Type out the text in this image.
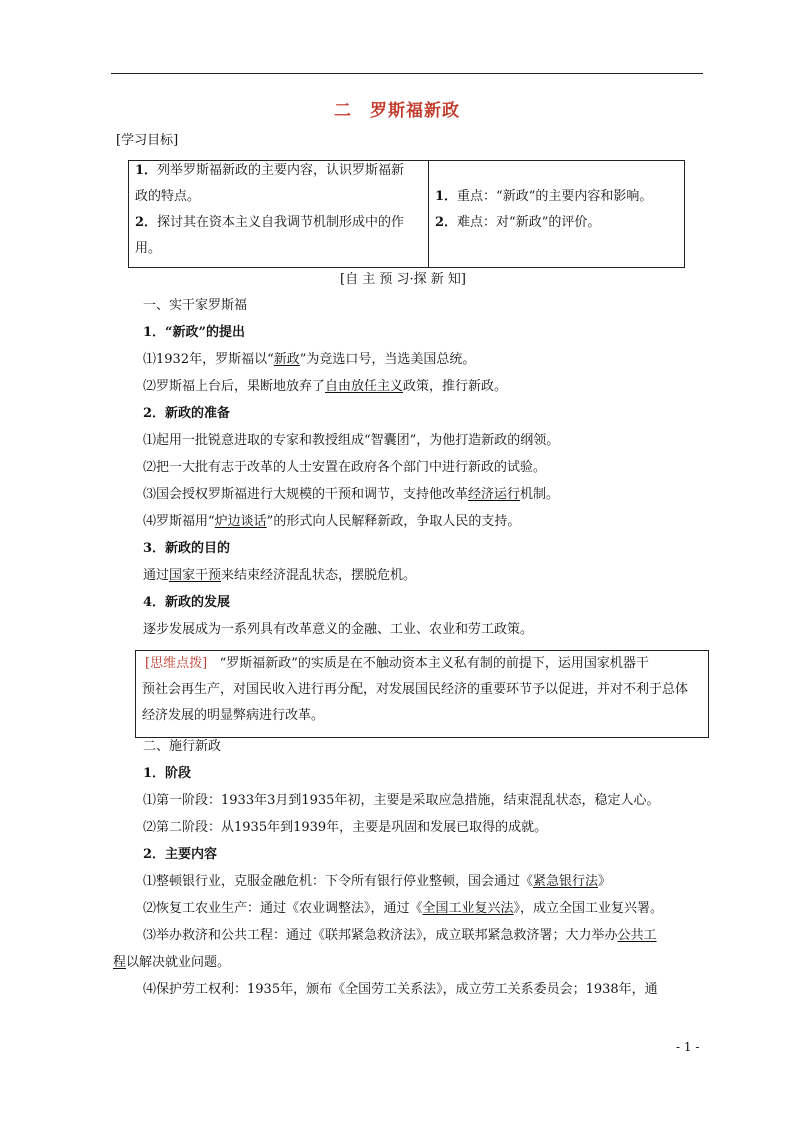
二　罗斯福新政
[学习目标]
1．列举罗斯福新政的主要内容，认识罗斯福新
政的特点。
2．探讨其在资本主义自我调节机制形成中的作
用。
1．重点：“新政”的主要内容和影响。
2．难点：对“新政”的评价。
[自 主 预 习·探 新 知]
一、实干家罗斯福
1．“新政”的提出
⑴1932年，罗斯福以“新政”为竞选口号，当选美国总统。
⑵罗斯福上台后，果断地放弃了自由放任主义政策，推行新政。
2．新政的准备
⑴起用一批锐意进取的专家和教授组成“智囊团”，为他打造新政的纲领。
⑵把一大批有志于改革的人士安置在政府各个部门中进行新政的试验。
⑶国会授权罗斯福进行大规模的干预和调节，支持他改革经济运行机制。
⑷罗斯福用“炉边谈话”的形式向人民解释新政，争取人民的支持。
3．新政的目的
通过国家干预来结束经济混乱状态，摆脱危机。
4．新政的发展
逐步发展成为一系列具有改革意义的金融、工业、农业和劳工政策。

[思维点拨] “罗斯福新政”的实质是在不触动资本主义私有制的前提下，运用国家机器干

预社会再生产，对国民收入进行再分配，对发展国民经济的重要环节予以促进，并对不利于总体

经济发展的明显弊病进行改革。

二、施行新政
1．阶段
⑴第一阶段：1933年3月到1935年初，主要是采取应急措施，结束混乱状态，稳定人心。
⑵第二阶段：从1935年到1939年，主要是巩固和发展已取得的成就。
2．主要内容
⑴整顿银行业，克服金融危机：下令所有银行停业整顿，国会通过《紧急银行法》
⑵恢复工农业生产：通过《农业调整法》，通过《全国工业复兴法》，成立全国工业复兴署。
⑶举办救济和公共工程：通过《联邦紧急救济法》，成立联邦紧急救济署；大力举办公共工
程以解决就业问题。
⑷保护劳工权利：1935年，颁布《全国劳工关系法》，成立劳工关系委员会；1938年，通
- 1 -
